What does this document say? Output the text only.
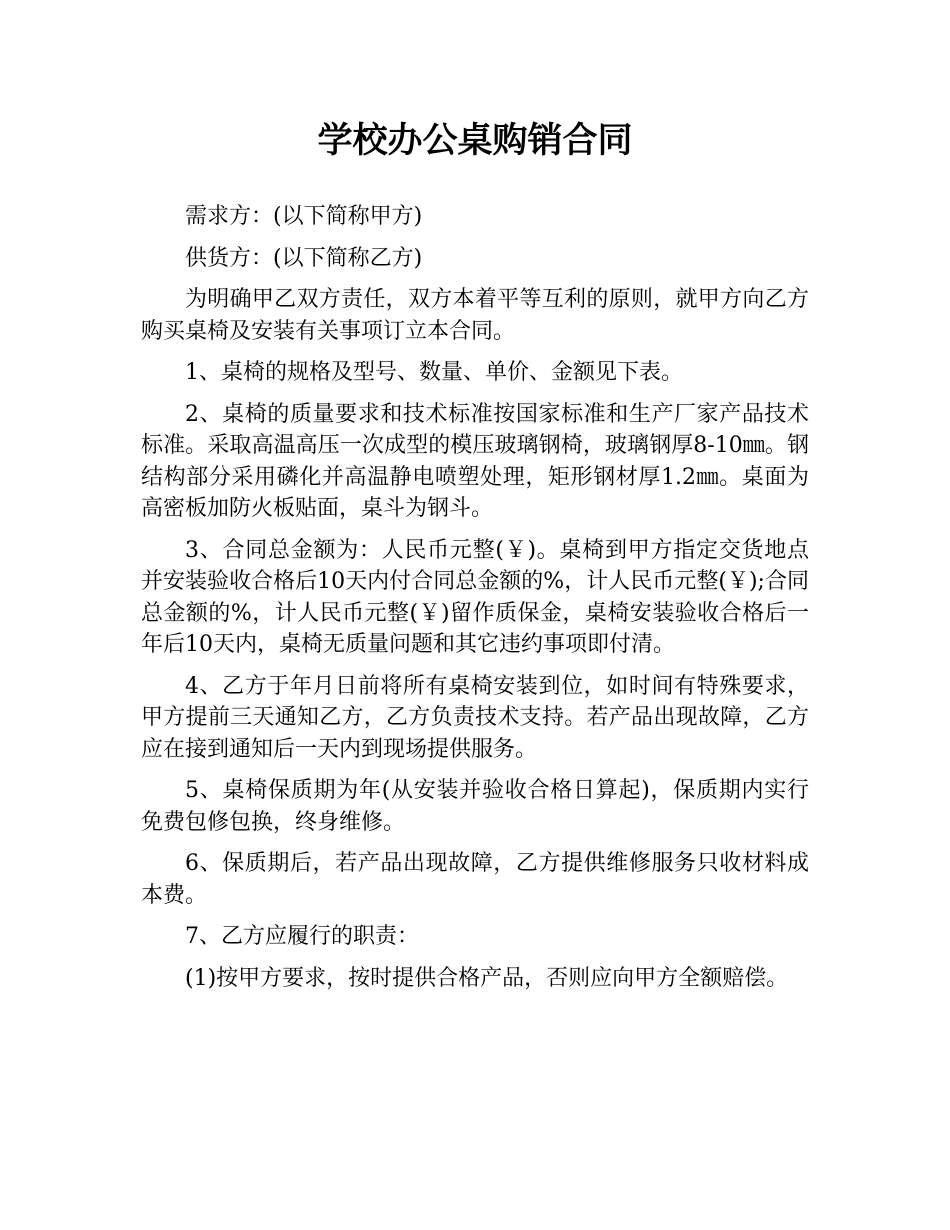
学校办公桌购销合同

需求方：(以下简称甲方)

供货方：(以下简称乙方)

为明确甲乙双方责任，双方本着平等互利的原则，就甲方向乙方购买桌椅及安装有关事项订立本合同。

1、桌椅的规格及型号、数量、单价、金额见下表。

2、桌椅的质量要求和技术标准按国家标准和生产厂家产品技术标准。采取高温高压一次成型的模压玻璃钢椅，玻璃钢厚8-10㎜。钢结构部分采用磷化并高温静电喷塑处理，矩形钢材厚1.2㎜。桌面为高密板加防火板贴面，桌斗为钢斗。

3、合同总金额为：人民币元整(￥)。桌椅到甲方指定交货地点并安装验收合格后10天内付合同总金额的%，计人民币元整(￥);合同总金额的%，计人民币元整(￥)留作质保金，桌椅安装验收合格后一年后10天内，桌椅无质量问题和其它违约事项即付清。

4、乙方于年月日前将所有桌椅安装到位，如时间有特殊要求，甲方提前三天通知乙方，乙方负责技术支持。若产品出现故障，乙方应在接到通知后一天内到现场提供服务。

5、桌椅保质期为年(从安装并验收合格日算起)，保质期内实行免费包修包换，终身维修。

6、保质期后，若产品出现故障，乙方提供维修服务只收材料成本费。

7、乙方应履行的职责：

(1)按甲方要求，按时提供合格产品，否则应向甲方全额赔偿。
